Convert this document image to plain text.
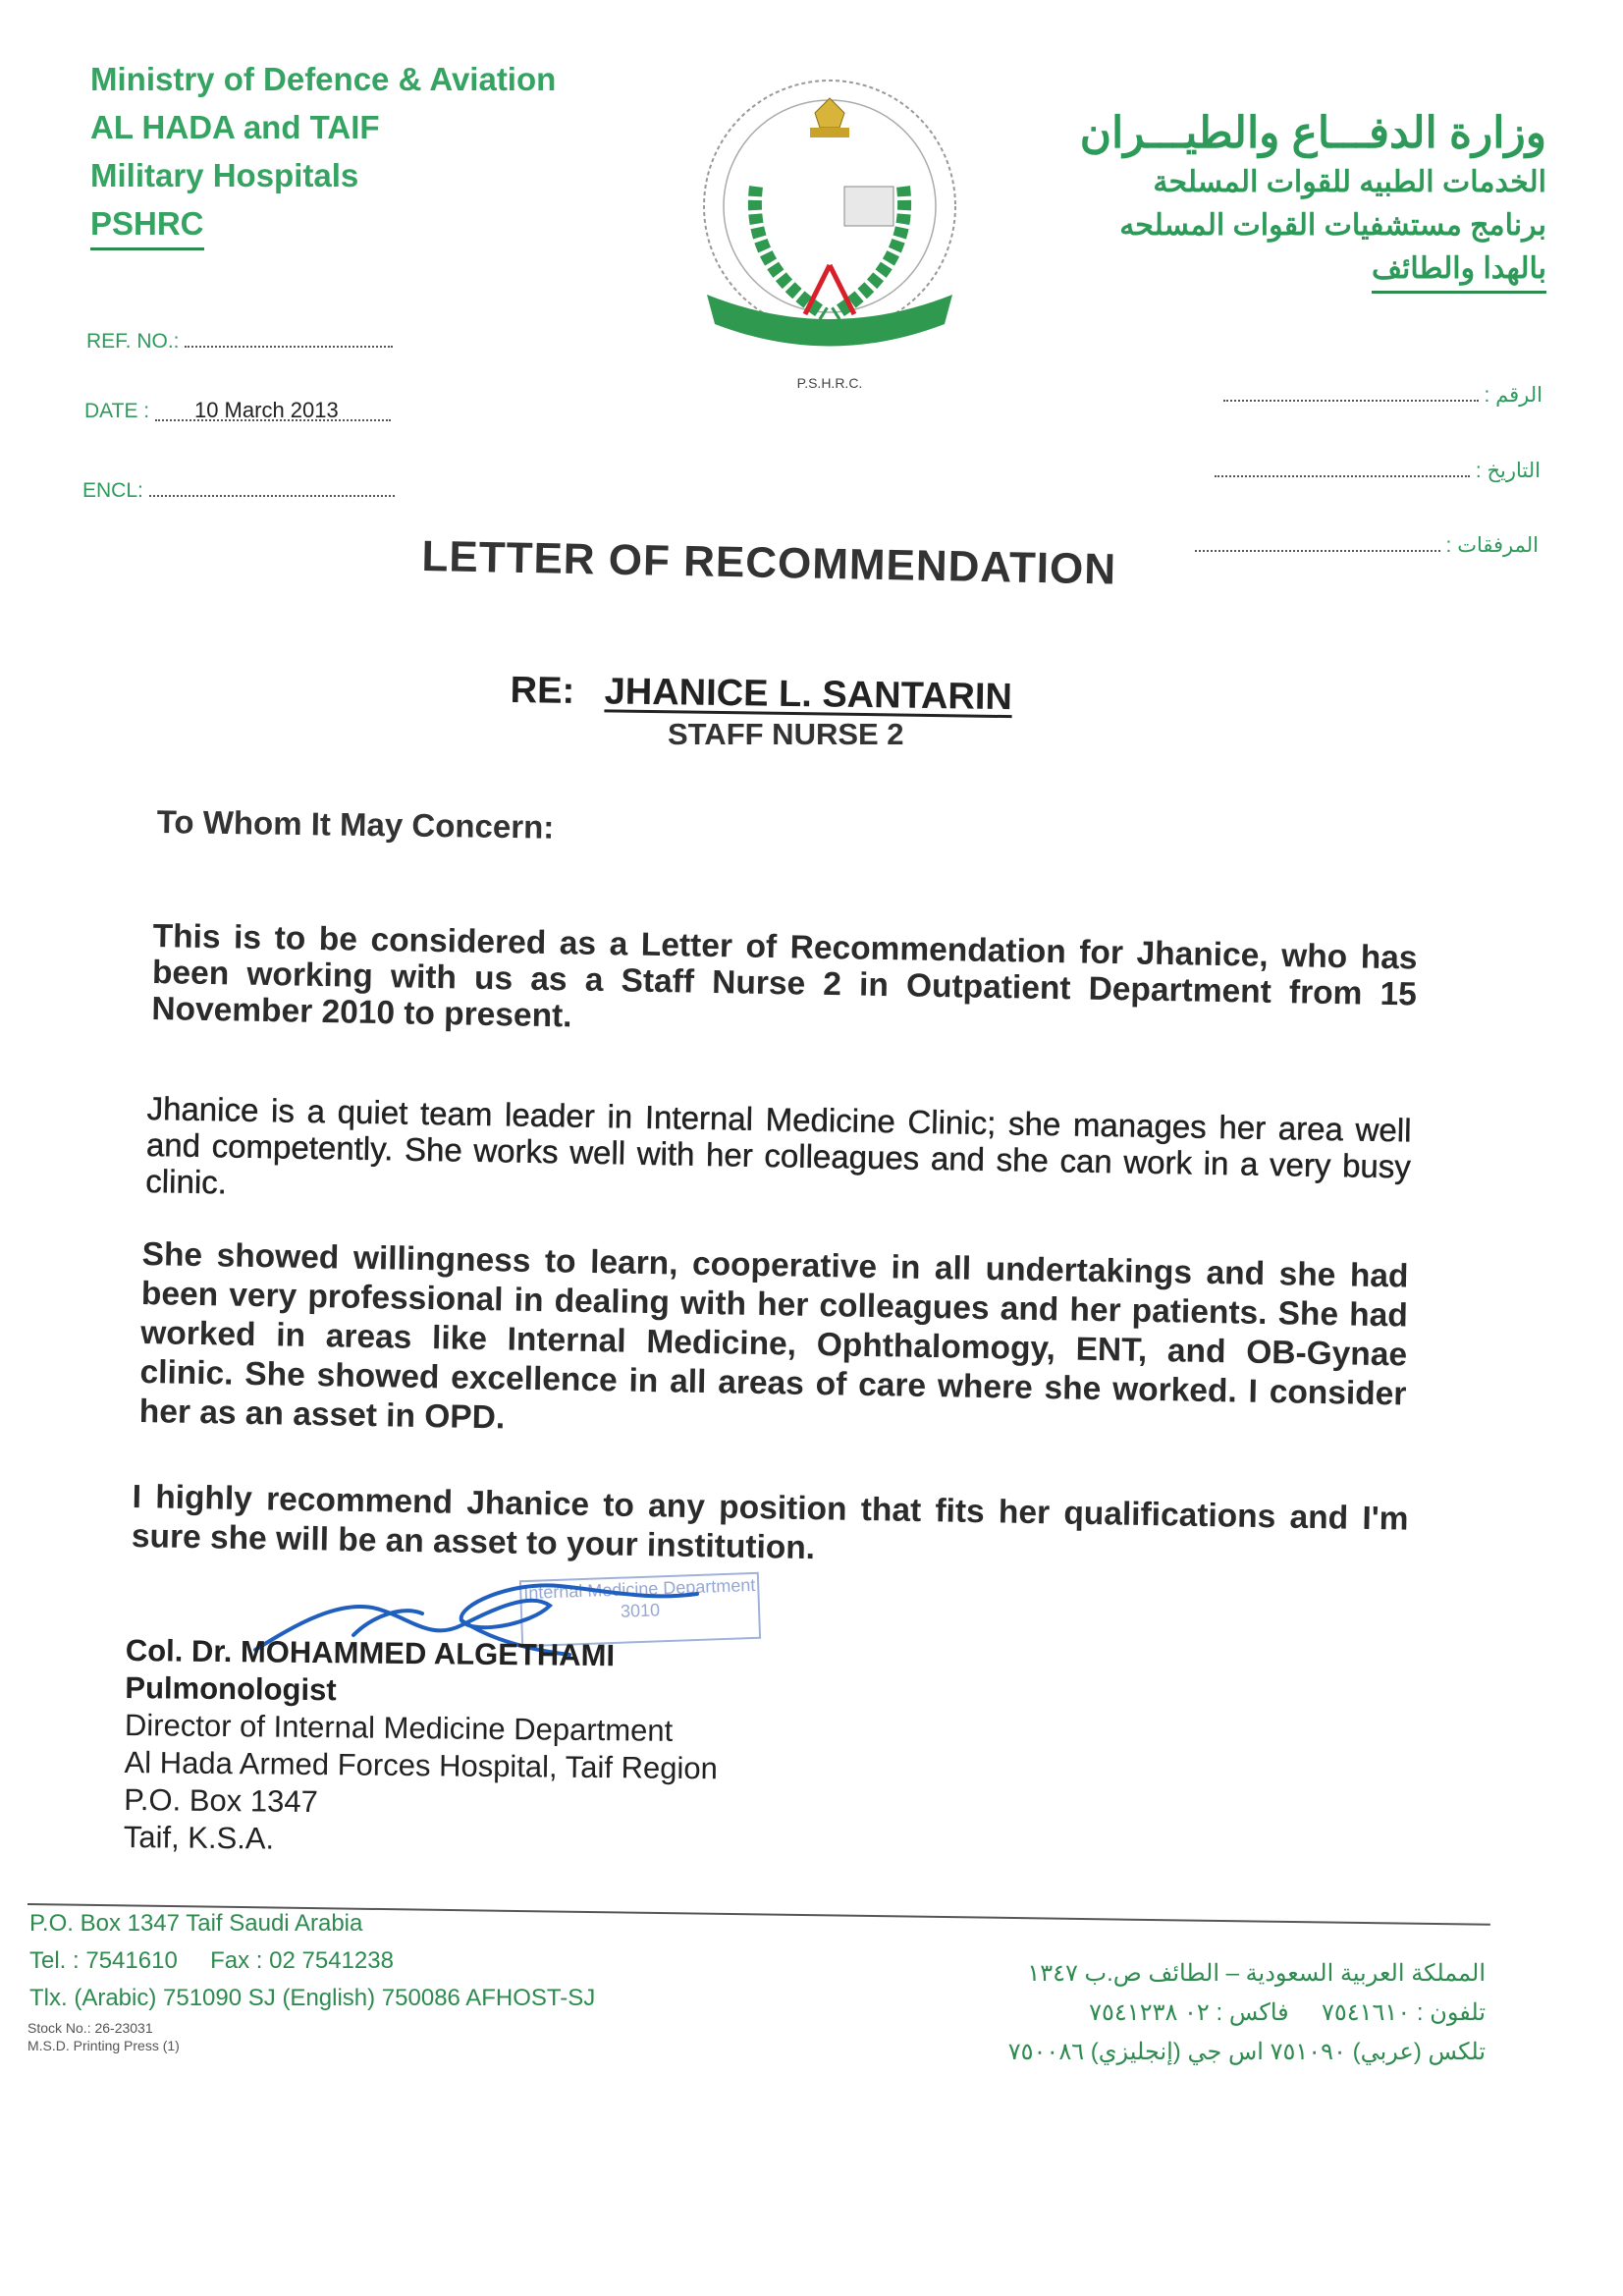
Ministry of Defence & Aviation
AL HADA and TAIF
Military Hospitals
PSHRC
P.S.H.R.C.
وزارة الدفـــاع والطيـــران
الخدمات الطبيه للقوات المسلحة
برنامج مستشفيات القوات المسلحه
بالهدا والطائف
REF. NO.:
DATE : 10 March 2013
ENCL:
الرقم :
التاريخ :
المرفقات :
LETTER OF RECOMMENDATION
RE: JHANICE L. SANTARIN
STAFF NURSE 2
To Whom It May Concern:
This is to be considered as a Letter of Recommendation for Jhanice, who has been working with us as a Staff Nurse 2 in Outpatient Department from 15 November 2010 to present.
Jhanice is a quiet team leader in Internal Medicine Clinic; she manages her area well and competently. She works well with her colleagues and she can work in a very busy clinic.
She showed willingness to learn, cooperative in all undertakings and she had been very professional in dealing with her colleagues and her patients. She had worked in areas like Internal Medicine, Ophthalomogy, ENT, and OB-Gynae clinic. She showed excellence in all areas of care where she worked. I consider her as an asset in OPD.
I highly recommend Jhanice to any position that fits her qualifications and I'm sure she will be an asset to your institution.
Internal Medicine Department
3010
Col. Dr. MOHAMMED ALGETHAMI
Pulmonologist
Director of Internal Medicine Department
Al Hada Armed Forces Hospital, Taif Region
P.O. Box 1347
Taif, K.S.A.
P.O. Box 1347 Taif Saudi Arabia
Tel. : 7541610     Fax : 02 7541238
Tlx. (Arabic) 751090 SJ (English) 750086 AFHOST-SJ
Stock No.: 26-23031
M.S.D. Printing Press (1)
المملكة العربية السعودية – الطائف ص.ب ١٣٤٧
تلفون : ٧٥٤١٦١٠     فاكس : ٠٢ ٧٥٤١٢٣٨
تلكس (عربي) ٧٥١٠٩٠ اس جي (إنجليزي) ٧٥٠٠٨٦
